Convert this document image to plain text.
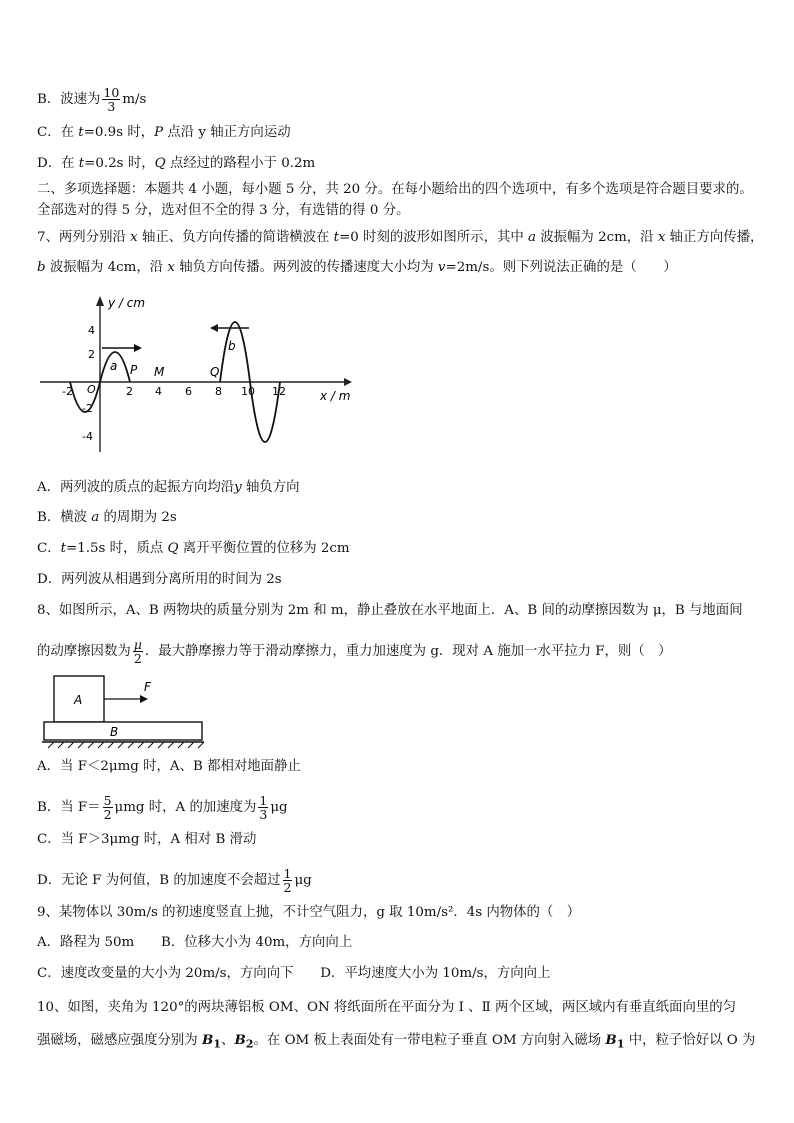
B．波速为 $\frac{10}{3} m/s$
C．在 t=0.9s 时，P 点沿 y 轴正方向运动
D．在 t=0.2s 时，Q 点经过的路程小于 0.2m
二、多项选择题：本题共 4 小题，每小题 5 分，共 20 分。在每小题给出的四个选项中，有多个选项是符合题目要求的。
全部选对的得 5 分，选对但不全的得 3 分，有选错的得 0 分。
7、两列分别沿 x 轴正、负方向传播的简谐横波在 t=0 时刻的波形如图所示，其中 a 波振幅为 2cm，沿 x 轴正方向传播，
b 波振幅为 4cm，沿 x 轴负方向传播。两列波的传播速度大小均为 v=2m/s。则下列说法正确的是（　　）
y / cm
x / m
4
2
-2
-4
-2	2 4 6 8 10 12
O
a P M	Q
b
A．两列波的质点的起振方向均沿y 轴负方向
B．横波 a 的周期为 2s
C．t=1.5s 时，质点 Q 离开平衡位置的位移为 2cm
D．两列波从相遇到分离所用的时间为 2s
8、如图所示，A、B 两物块的质量分别为 2m 和 m，静止叠放在水平地面上．A、B 间的动摩擦因数为 μ，B 与地面间
的动摩擦因数为 $\frac{\mu}{2}$ ．最大静摩擦力等于滑动摩擦力，重力加速度为 g．现对 A 施加一水平拉力 F，则（　）
A
B
F
A．当 F＜2μmg 时，A、B 都相对地面静止
B．当 $F= \frac{5}{2}$ μmg 时，A 的加速度为 $\frac{1}{3}$ μg
C．当 F＞3μmg 时，A 相对 B 滑动
D．无论 F 为何值，B 的加速度不会超过 $\frac{1}{2}$ μg
9、某物体以 30m/s 的初速度竖直上抛，不计空气阻力，g 取 10m/s²．4s 内物体的（　）
A．路程为 50m　　B．位移大小为 40m，方向向上
C．速度改变量的大小为 20m/s，方向向下　　D．平均速度大小为 10m/s，方向向上
10、如图，夹角为 120°的两块薄铝板 OM、ON 将纸面所在平面分为 Ⅰ 、Ⅱ 两个区域，两区域内有垂直纸面向里的匀
强磁场，磁感应强度分别为 $B_1$、$B_2$。在 OM 板上表面处有一带电粒子垂直 OM 方向射入磁场 $B_1$ 中，粒子恰好以 O 为
